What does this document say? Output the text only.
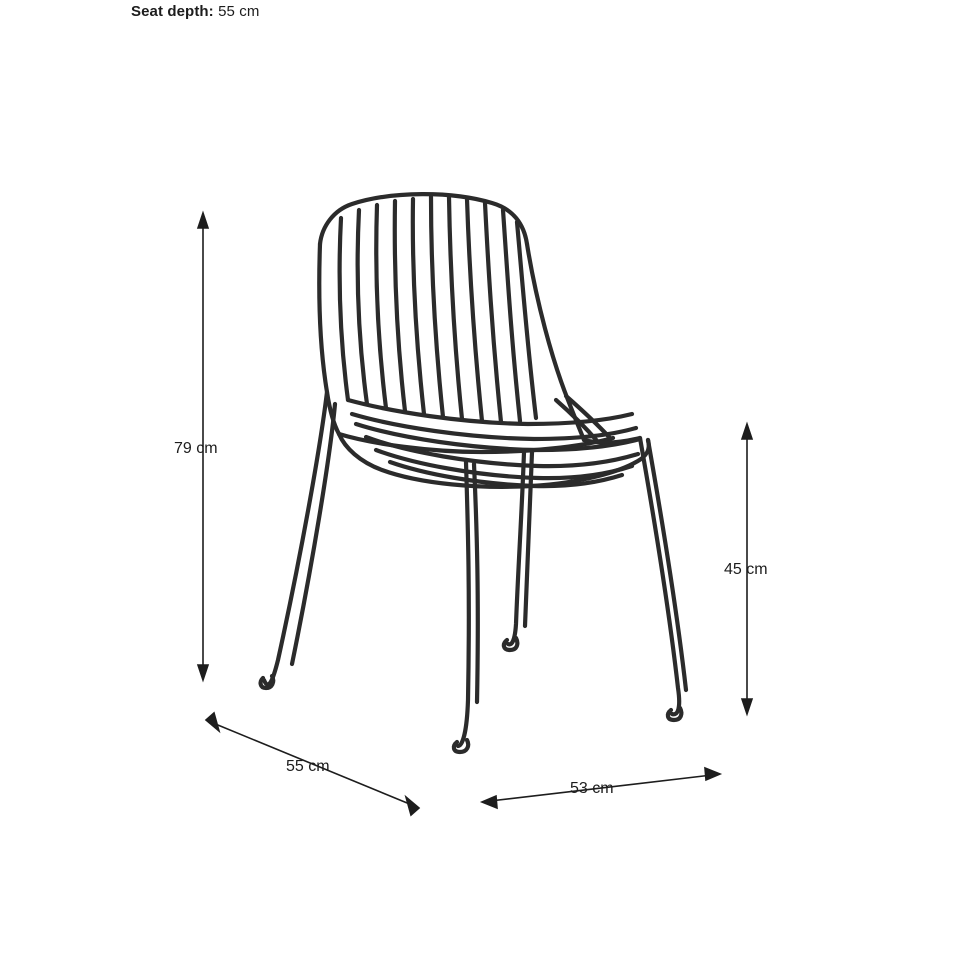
Seat depth: 55 cm
79 cm
45 cm
55 cm
53 cm
